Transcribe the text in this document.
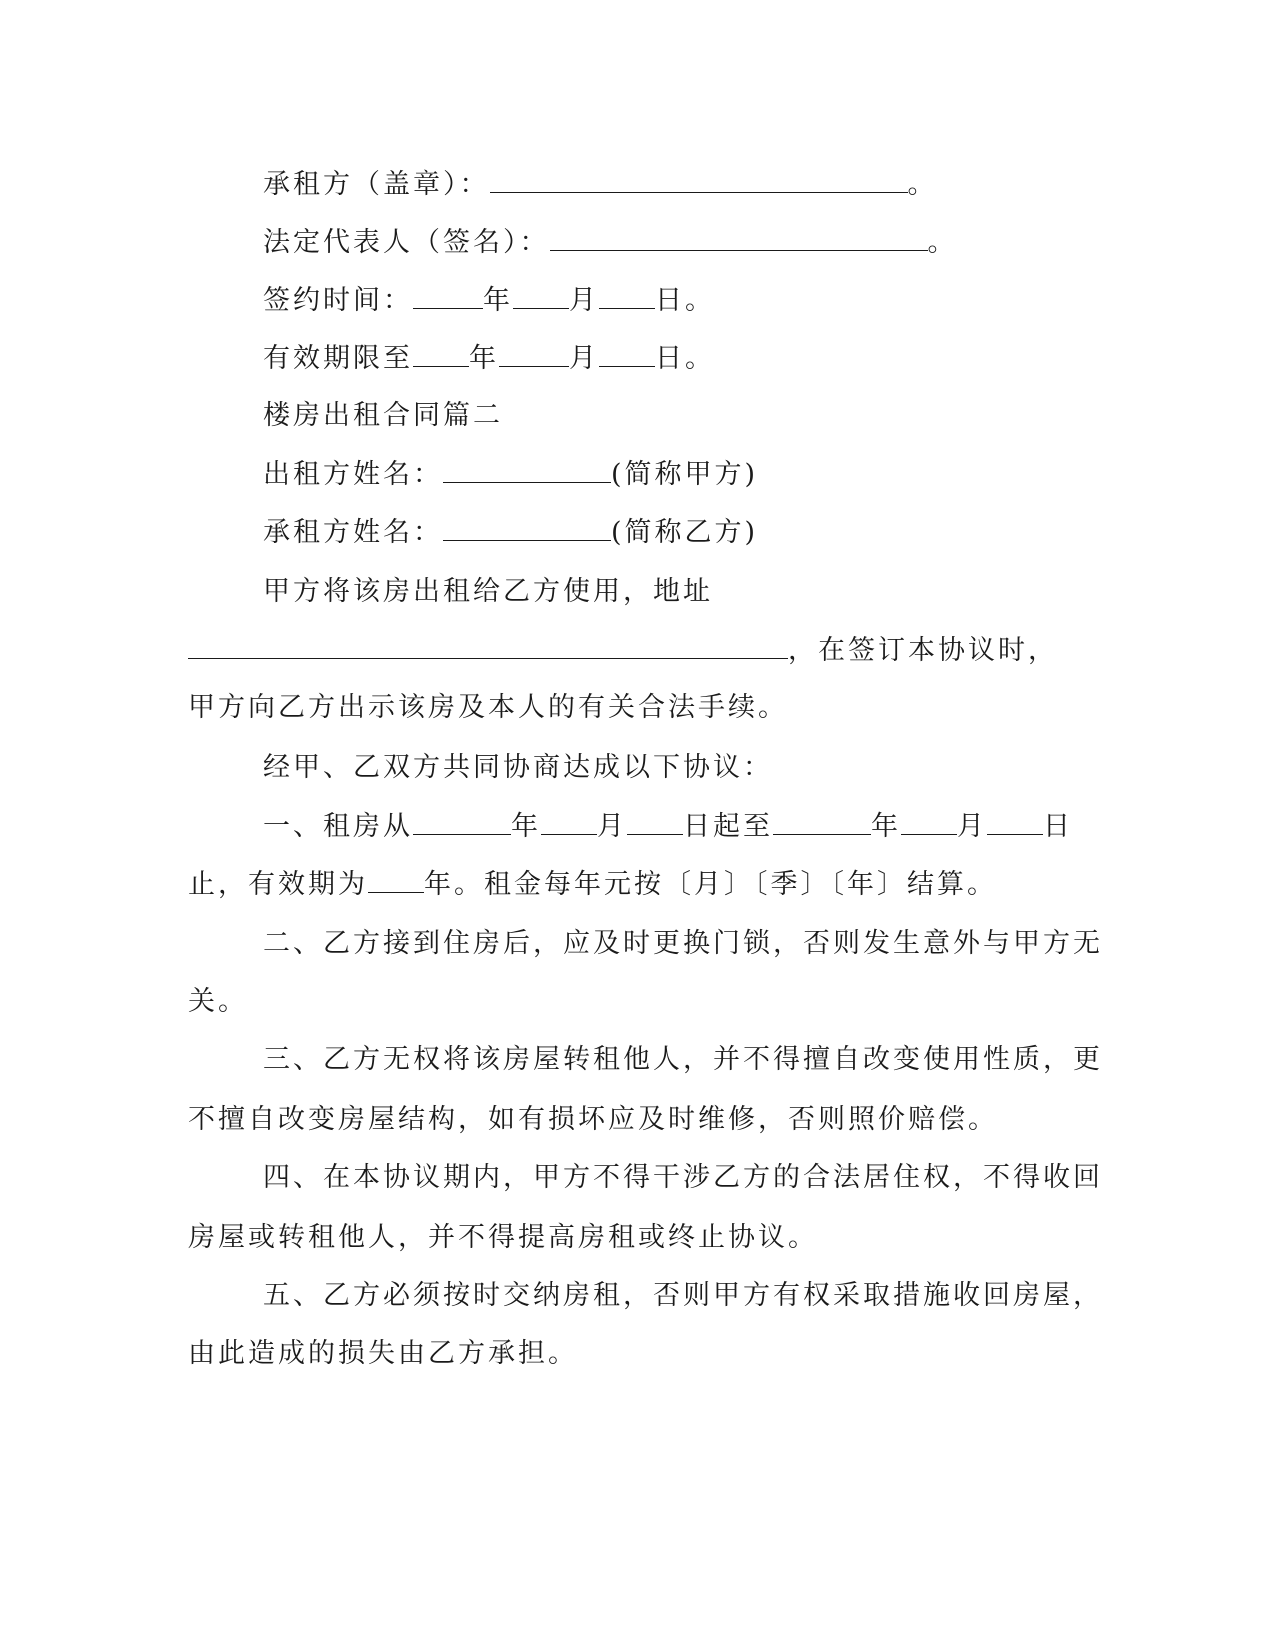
承租方（盖章）：	。
法定代表人（签名）：	。
签约时间：	年 月 日。
有效期限至 年	月 日。
楼房出租合同篇二
出租方姓名：	(简称甲方)
承租方姓名：	(简称乙方)
甲方将该房出租给乙方使用，地址
，在签订本协议时，
甲方向乙方出示该房及本人的有关合法手续。
经甲、乙双方共同协商达成以下协议：
一、租房从	年 月 日起至	年 月 日
止，有效期为 年。租金每年元按〔月〕〔季〕〔年〕结算。
二、乙方接到住房后，应及时更换门锁，否则发生意外与甲方无
关。
三、乙方无权将该房屋转租他人，并不得擅自改变使用性质，更
不擅自改变房屋结构，如有损坏应及时维修，否则照价赔偿。
四、在本协议期内，甲方不得干涉乙方的合法居住权，不得收回
房屋或转租他人，并不得提高房租或终止协议。
五、乙方必须按时交纳房租，否则甲方有权采取措施收回房屋，
由此造成的损失由乙方承担。
